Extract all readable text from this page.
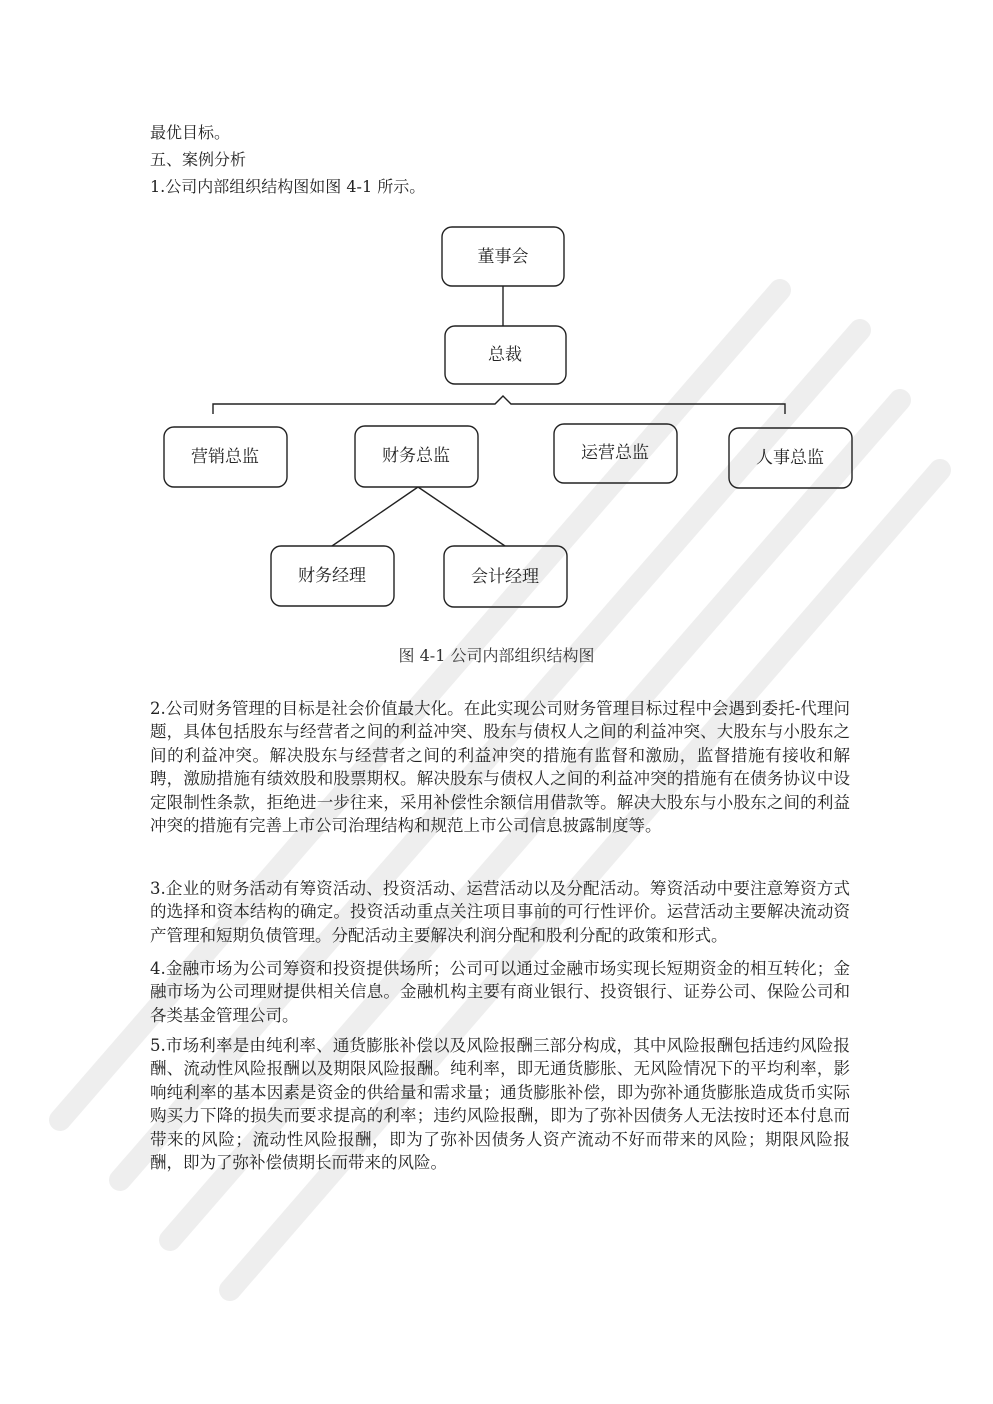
最优目标。
五、案例分析
1.公司内部组织结构图如图 4-1 所示。
董事会
总裁
营销总监	财务总监	运营总监	人事总监
财务经理	会计经理
图 4-1 公司内部组织结构图
2.公司财务管理的目标是社会价值最大化。在此实现公司财务管理目标过程中会遇到委托-代理问题，具体包括股东与经营者之间的利益冲突、股东与债权人之间的利益冲突、大股东与小股东之间的利益冲突。解决股东与经营者之间的利益冲突的措施有监督和激励，监督措施有接收和解聘，激励措施有绩效股和股票期权。解决股东与债权人之间的利益冲突的措施有在债务协议中设定限制性条款，拒绝进一步往来，采用补偿性余额信用借款等。解决大股东与小股东之间的利益冲突的措施有完善上市公司治理结构和规范上市公司信息披露制度等。
3.企业的财务活动有筹资活动、投资活动、运营活动以及分配活动。筹资活动中要注意筹资方式的选择和资本结构的确定。投资活动重点关注项目事前的可行性评价。运营活动主要解决流动资产管理和短期负债管理。分配活动主要解决利润分配和股利分配的政策和形式。
4.金融市场为公司筹资和投资提供场所；公司可以通过金融市场实现长短期资金的相互转化；金融市场为公司理财提供相关信息。金融机构主要有商业银行、投资银行、证券公司、保险公司和各类基金管理公司。
5.市场利率是由纯利率、通货膨胀补偿以及风险报酬三部分构成，其中风险报酬包括违约风险报酬、流动性风险报酬以及期限风险报酬。纯利率，即无通货膨胀、无风险情况下的平均利率，影响纯利率的基本因素是资金的供给量和需求量；通货膨胀补偿，即为弥补通货膨胀造成货币实际购买力下降的损失而要求提高的利率；违约风险报酬，即为了弥补因债务人无法按时还本付息而带来的风险；流动性风险报酬，即为了弥补因债务人资产流动不好而带来的风险；期限风险报酬，即为了弥补偿债期长而带来的风险。
